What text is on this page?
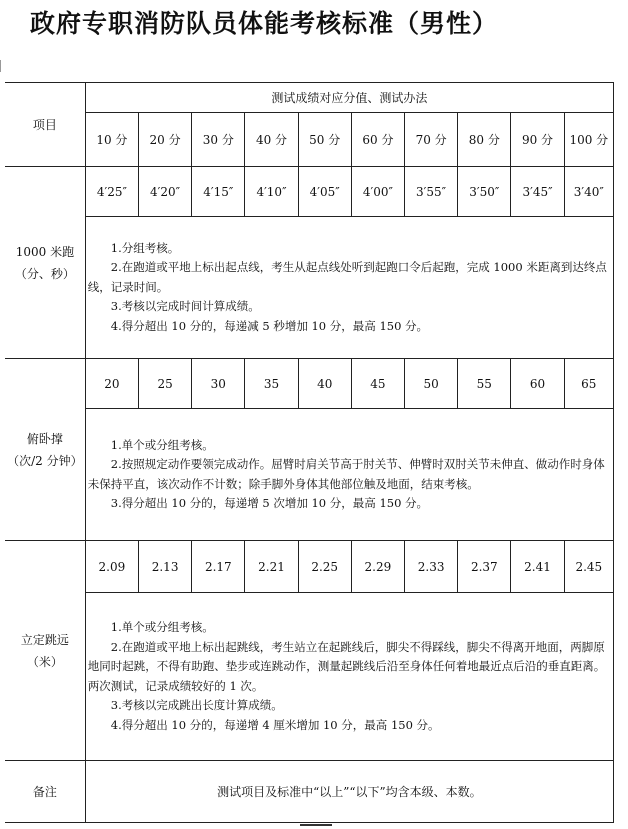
政府专职消防队员体能考核标准（男性）
项目	测试成绩对应分值、测试办法									
	10 分	20 分	30 分	40 分	50 分	60 分	70 分	80 分	90 分	100 分

1000 米跑
（分、秒）	4′25″	4′20″	4′15″	4′10″	4′05″	4′00″	3′55″	3′50″	3′45″	3′40″

	1.分组考核。

2.在跑道或平地上标出起点线，考生从起点线处听到起跑口令后起跑，完成 1000 米距离到达终点线，记录时间。

3.考核以完成时间计算成绩。

4.得分超出 10 分的，每递减 5 秒增加 10 分，最高 150 分。									

俯卧撑
（次/2 分钟）	20	25	30	35	40	45	50	55	60	65

	1.单个或分组考核。

2.按照规定动作要领完成动作。屈臂时肩关节高于肘关节、伸臂时双肘关节未伸直、做动作时身体未保持平直，该次动作不计数；除手脚外身体其他部位触及地面，结束考核。

3.得分超出 10 分的，每递增 5 次增加 10 分，最高 150 分。									

立定跳远
（米）	2.09	2.13	2.17	2.21	2.25	2.29	2.33	2.37	2.41	2.45

	1.单个或分组考核。

2.在跑道或平地上标出起跳线，考生站立在起跳线后，脚尖不得踩线，脚尖不得离开地面，两脚原地同时起跳，不得有助跑、垫步或连跳动作，测量起跳线后沿至身体任何着地最近点后沿的垂直距离。两次测试，记录成绩较好的 1 次。

3.考核以完成跳出长度计算成绩。

4.得分超出 10 分的，每递增 4 厘米增加 10 分，最高 150 分。									

备注	测试项目及标准中“以上”“以下”均含本级、本数。									
